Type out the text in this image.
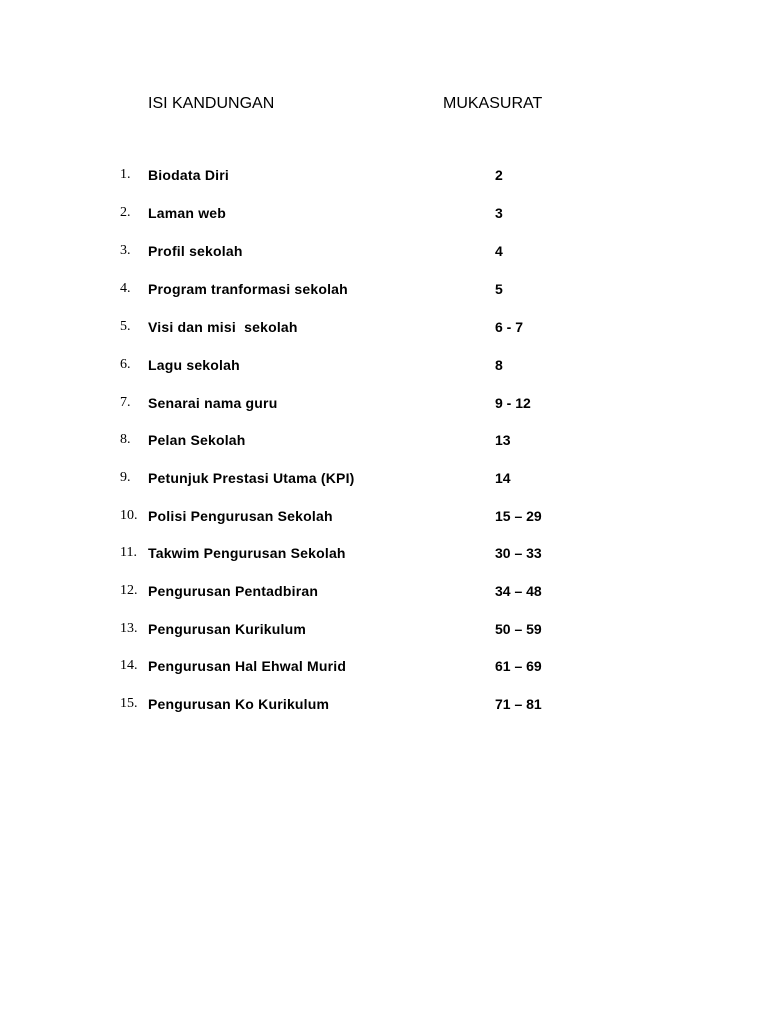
ISI KANDUNGAN	MUKASURAT
1. Biodata Diri	2
2. Laman web	3
3. Profil sekolah	4
4. Program tranformasi sekolah	5
5. Visi dan misi  sekolah	6 - 7
6. Lagu sekolah	8
7. Senarai nama guru	9 - 12
8. Pelan Sekolah	13
9. Petunjuk Prestasi Utama (KPI)	14
10. Polisi Pengurusan Sekolah	15 – 29
11. Takwim Pengurusan Sekolah	30 – 33
12. Pengurusan Pentadbiran	34 – 48
13. Pengurusan Kurikulum	50 – 59
14. Pengurusan Hal Ehwal Murid	61 – 69
15. Pengurusan Ko Kurikulum	71 – 81
